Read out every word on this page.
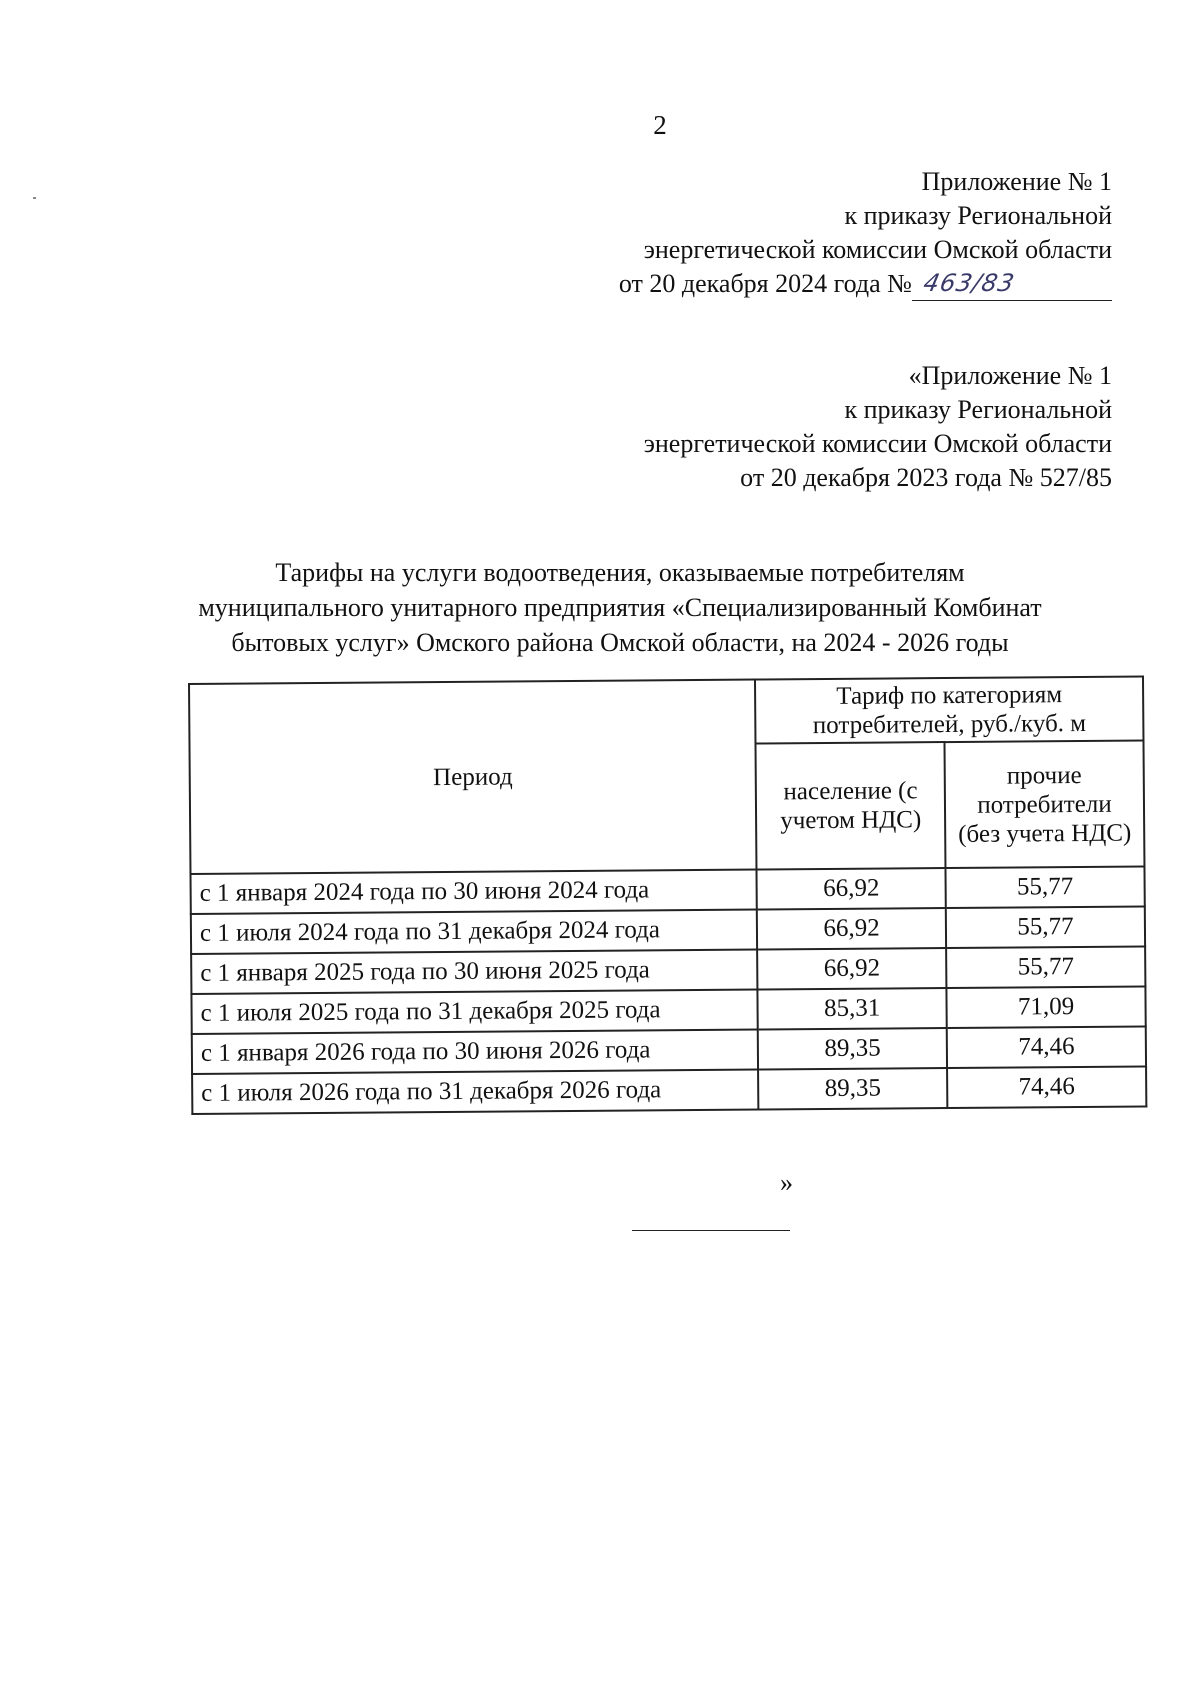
2
Приложение № 1
к приказу Региональной
энергетической комиссии Омской области
от 20 декабря 2024 года № 463/83
«Приложение № 1
к приказу Региональной
энергетической комиссии Омской области
от 20 декабря 2023 года № 527/85
Тарифы на услуги водоотведения, оказываемые потребителям
муниципального унитарного предприятия «Специализированный Комбинат
бытовых услуг» Омского района Омской области, на 2024 - 2026 годы
Период	Тариф по категориям потребителей, руб./куб. м	
	население (с учетом НДС)	прочие потребители (без учета НДС)
с 1 января 2024 года по 30 июня 2024 года	66,92	55,77
с 1 июля 2024 года по 31 декабря 2024 года	66,92	55,77
с 1 января 2025 года по 30 июня 2025 года	66,92	55,77
с 1 июля 2025 года по 31 декабря 2025 года	85,31	71,09
с 1 января 2026 года по 30 июня 2026 года	89,35	74,46
с 1 июля 2026 года по 31 декабря 2026 года	89,35	74,46
»
